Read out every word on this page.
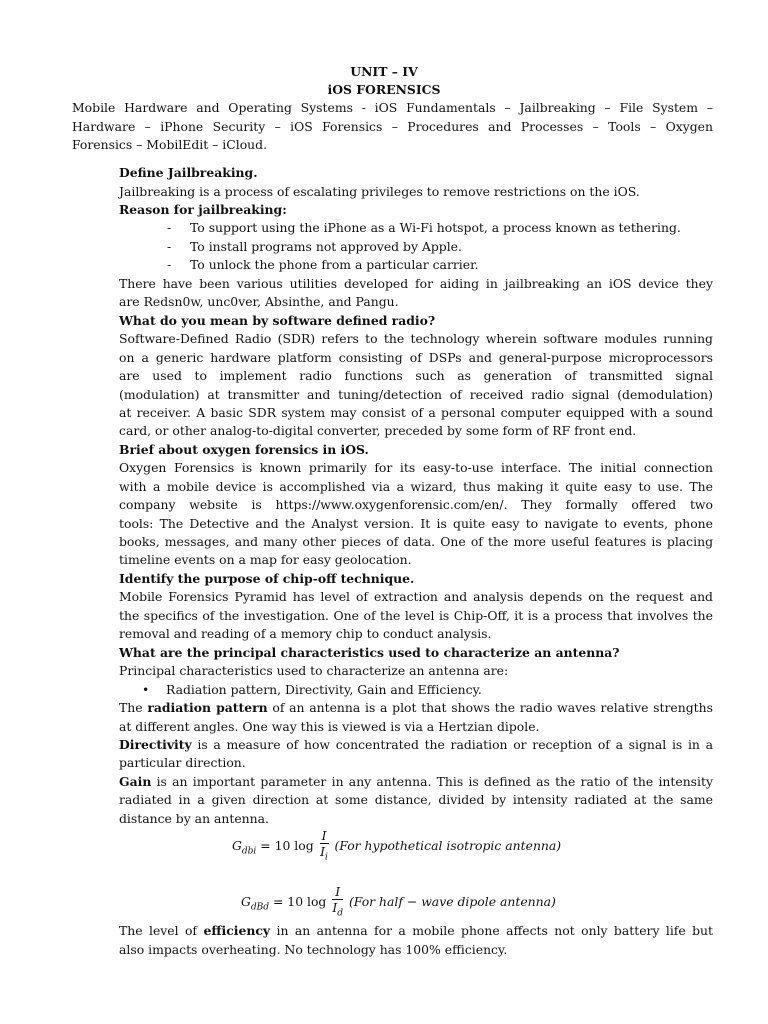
UNIT – IV
iOS FORENSICS
Mobile Hardware and Operating Systems - iOS Fundamentals – Jailbreaking – File System –
Hardware – iPhone Security – iOS Forensics – Procedures and Processes – Tools – Oxygen
Forensics – MobilEdit – iCloud.
Define Jailbreaking.
Jailbreaking is a process of escalating privileges to remove restrictions on the iOS.
Reason for jailbreaking:
- To support using the iPhone as a Wi-Fi hotspot, a process known as tethering.
- To install programs not approved by Apple.
- To unlock the phone from a particular carrier.
There have been various utilities developed for aiding in jailbreaking an iOS device they
are Redsn0w, unc0ver, Absinthe, and Pangu.
What do you mean by software defined radio?
Software-Defined Radio (SDR) refers to the technology wherein software modules running
on a generic hardware platform consisting of DSPs and general-purpose microprocessors
are used to implement radio functions such as generation of transmitted signal
(modulation) at transmitter and tuning/detection of received radio signal (demodulation)
at receiver. A basic SDR system may consist of a personal computer equipped with a sound
card, or other analog-to-digital converter, preceded by some form of RF front end.
Brief about oxygen forensics in iOS.
Oxygen Forensics is known primarily for its easy-to-use interface. The initial connection
with a mobile device is accomplished via a wizard, thus making it quite easy to use. The
company website is https://www.oxygenforensic.com/en/. They formally offered two
tools: The Detective and the Analyst version. It is quite easy to navigate to events, phone
books, messages, and many other pieces of data. One of the more useful features is placing
timeline events on a map for easy geolocation.
Identify the purpose of chip-off technique.
Mobile Forensics Pyramid has level of extraction and analysis depends on the request and
the specifics of the investigation. One of the level is Chip-Off, it is a process that involves the
removal and reading of a memory chip to conduct analysis.
What are the principal characteristics used to characterize an antenna?
Principal characteristics used to characterize an antenna are:
• Radiation pattern, Directivity, Gain and Efficiency.
The radiation pattern of an antenna is a plot that shows the radio waves relative strengths
at different angles. One way this is viewed is via a Hertzian dipole.
Directivity is a measure of how concentrated the radiation or reception of a signal is in a
particular direction.
Gain is an important parameter in any antenna. This is defined as the ratio of the intensity
radiated in a given direction at some distance, divided by intensity radiated at the same
distance by an antenna.
$G_{dbi} = 10$ $\log \frac{I}{I_i} (For$ hypothetical isotropic antenna)
$G_{dBd} = 10$ $\log \frac{I}{I_d} (For$ half − wave dipole antenna)
The level of efficiency in an antenna for a mobile phone affects not only battery life but
also impacts overheating. No technology has 100% efficiency.
